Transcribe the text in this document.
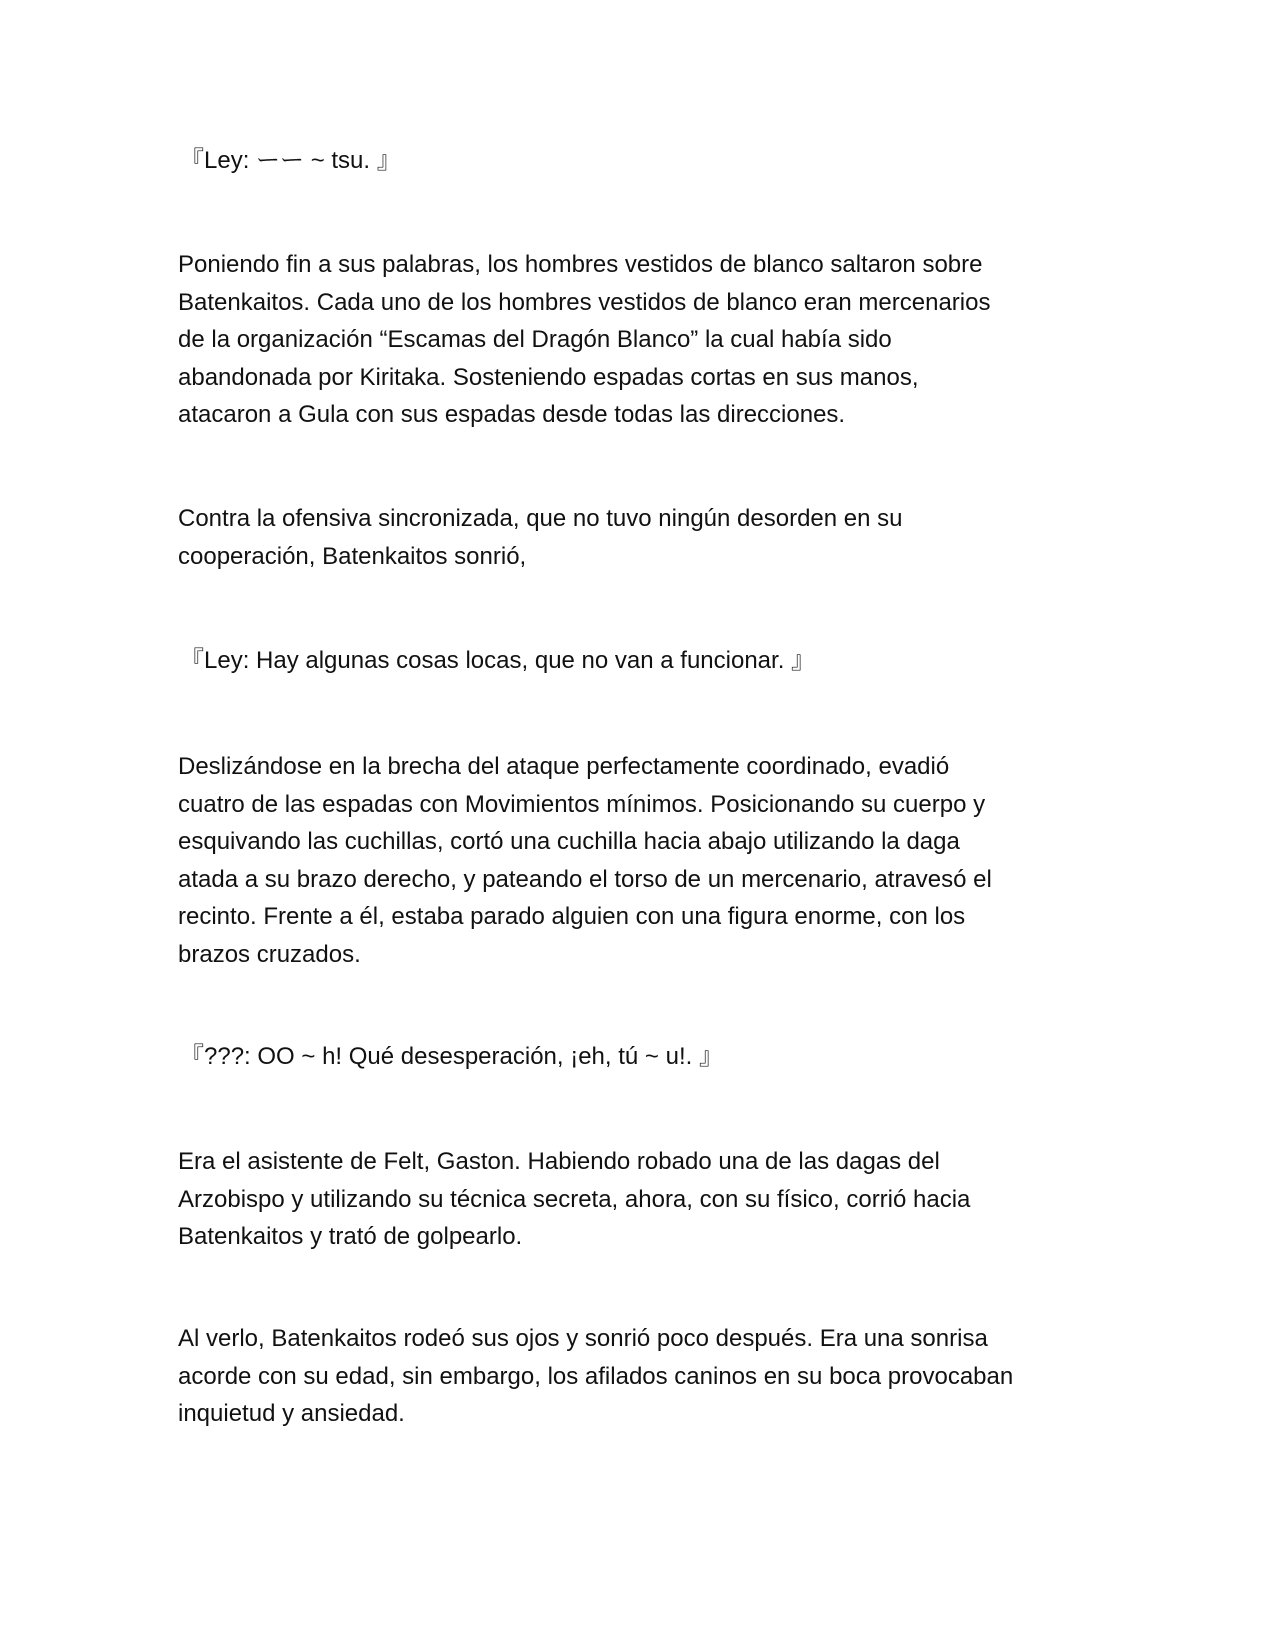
『Ley: ーー ~ tsu. 』

Poniendo fin a sus palabras, los hombres vestidos de blanco saltaron sobre
Batenkaitos. Cada uno de los hombres vestidos de blanco eran mercenarios
de la organización “Escamas del Dragón Blanco” la cual había sido
abandonada por Kiritaka. Sosteniendo espadas cortas en sus manos,
atacaron a Gula con sus espadas desde todas las direcciones.

Contra la ofensiva sincronizada, que no tuvo ningún desorden en su
cooperación, Batenkaitos sonrió,

『Ley: Hay algunas cosas locas, que no van a funcionar. 』

Deslizándose en la brecha del ataque perfectamente coordinado, evadió
cuatro de las espadas con Movimientos mínimos. Posicionando su cuerpo y
esquivando las cuchillas, cortó una cuchilla hacia abajo utilizando la daga
atada a su brazo derecho, y pateando el torso de un mercenario, atravesó el
recinto. Frente a él, estaba parado alguien con una figura enorme, con los
brazos cruzados.

『???: OO ~ h! Qué desesperación, ¡eh, tú ~ u!. 』

Era el asistente de Felt, Gaston. Habiendo robado una de las dagas del
Arzobispo y utilizando su técnica secreta, ahora, con su físico, corrió hacia
Batenkaitos y trató de golpearlo.

Al verlo, Batenkaitos rodeó sus ojos y sonrió poco después. Era una sonrisa
acorde con su edad, sin embargo, los afilados caninos en su boca provocaban
inquietud y ansiedad.
